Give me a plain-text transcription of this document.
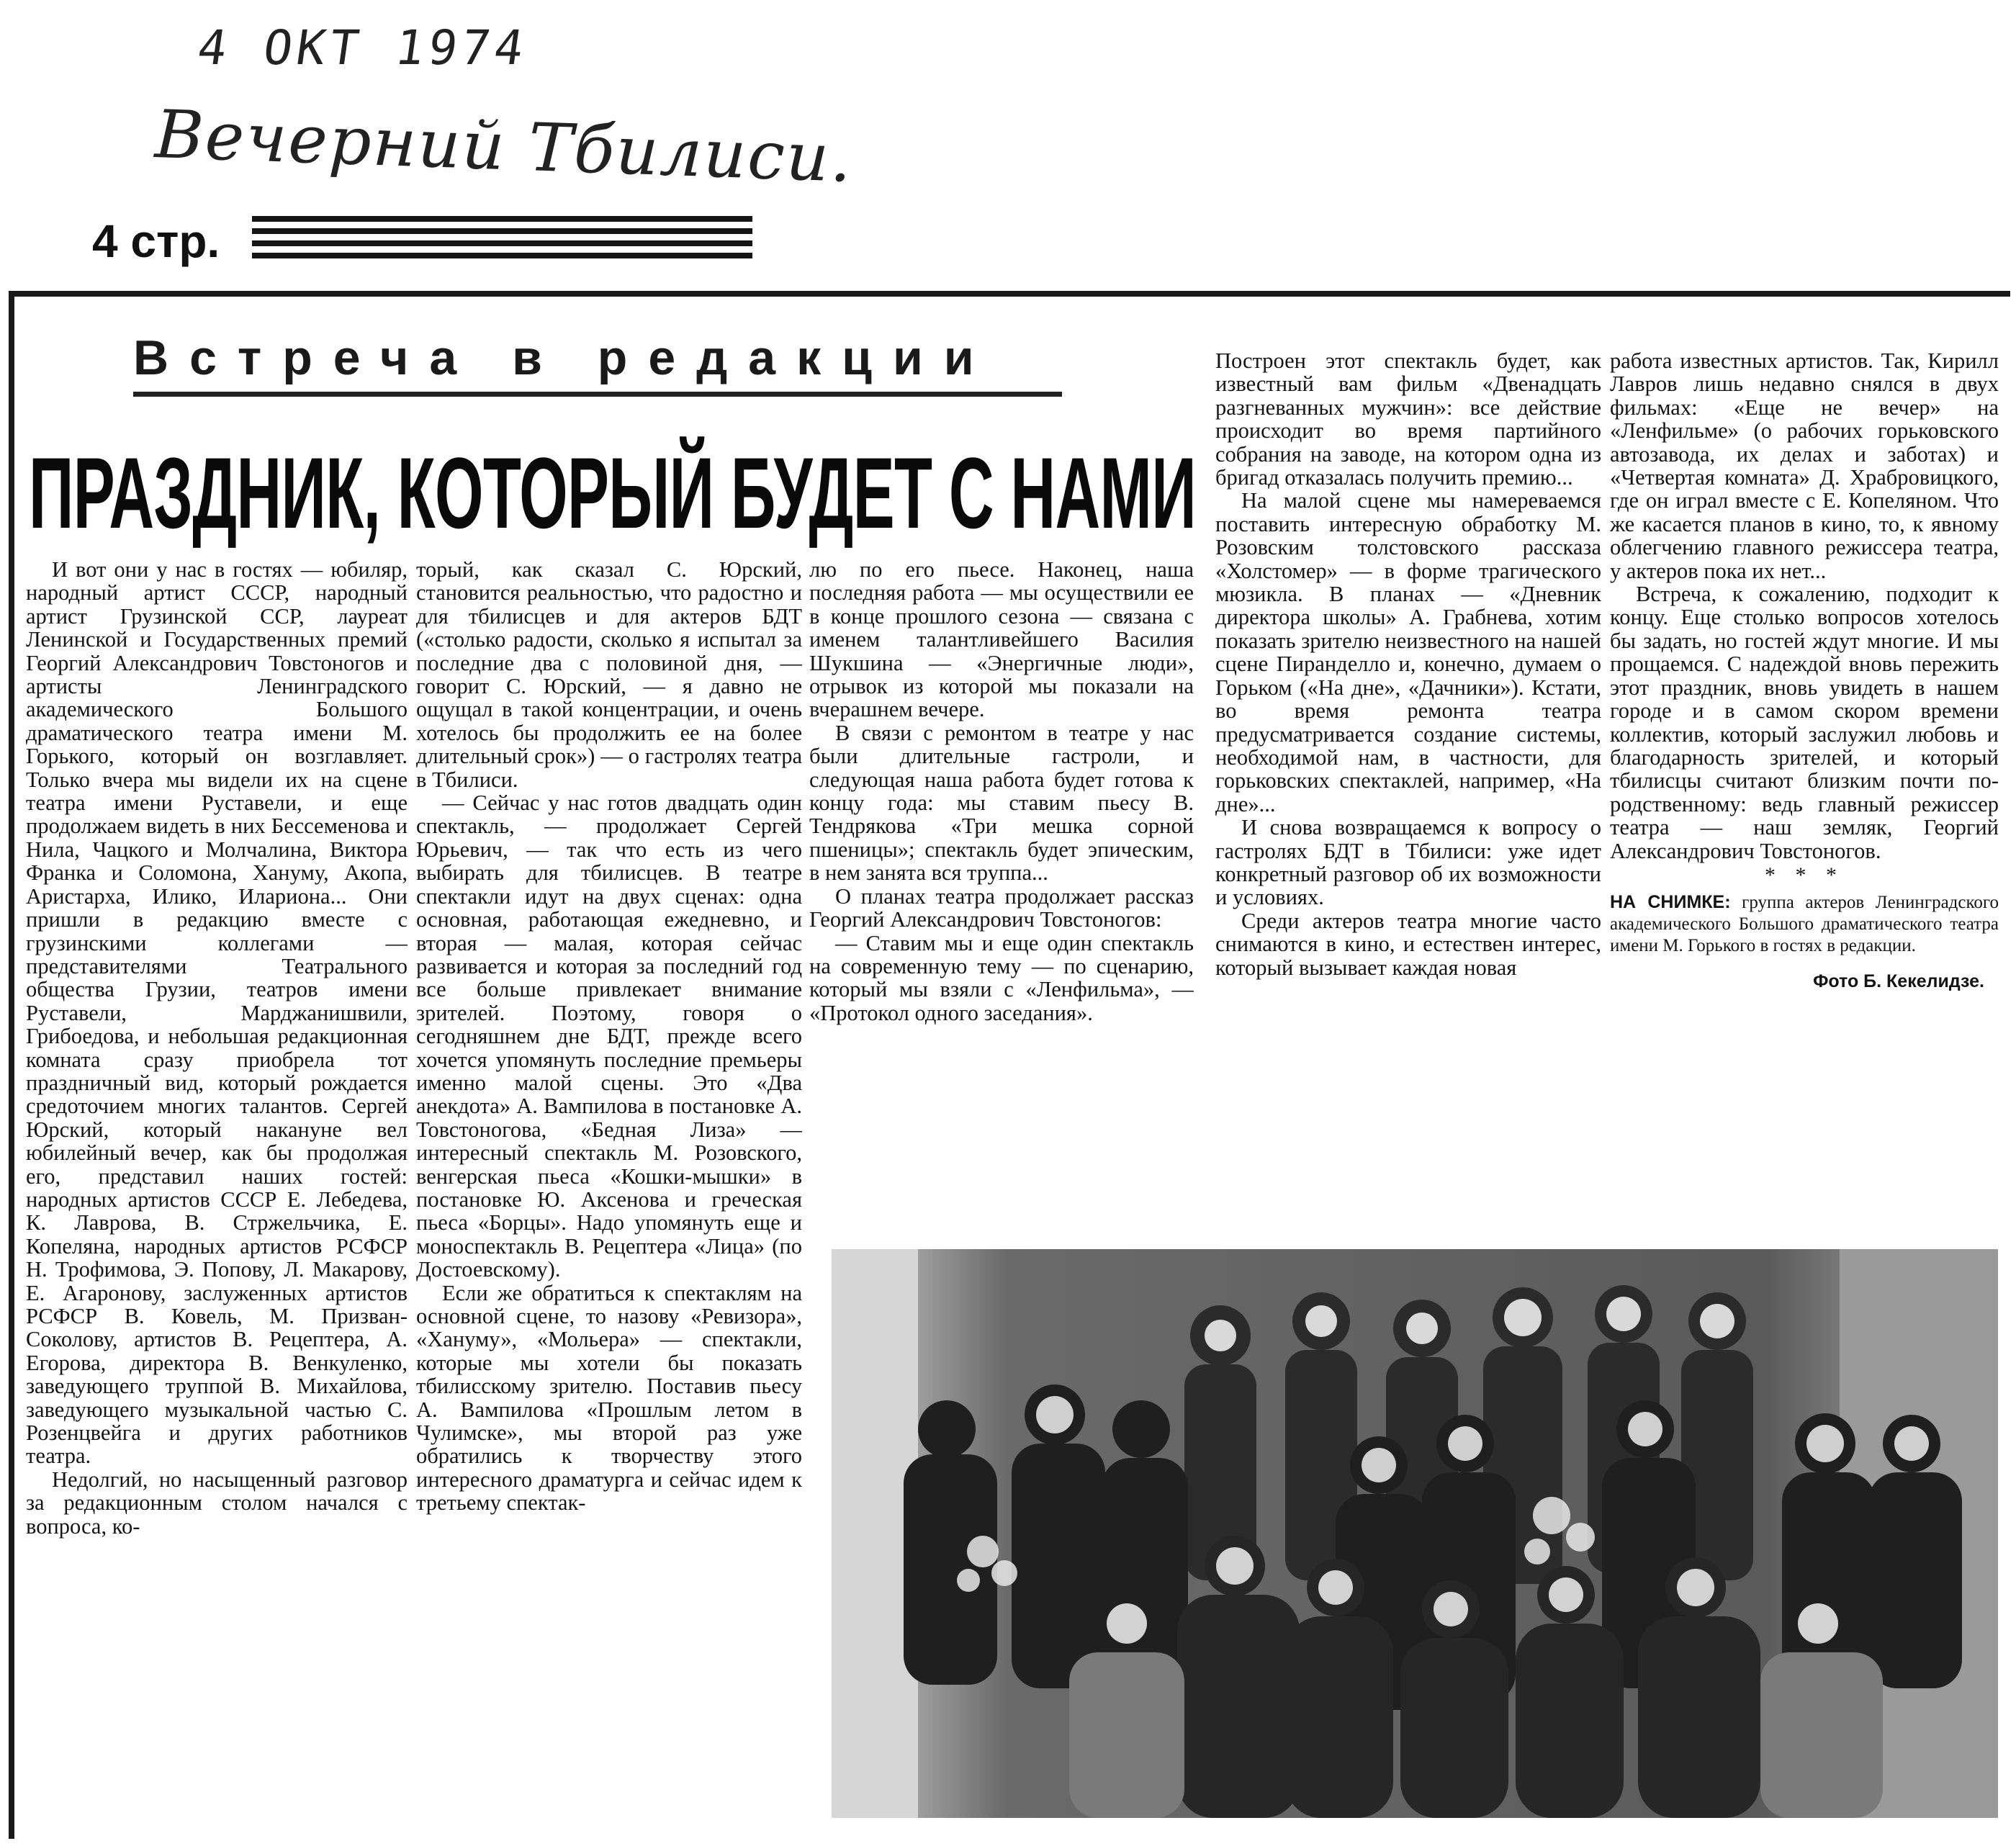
4 ОКТ 1974
Вечерний Тбилиси.
4 стр.
Встреча в редакции
ПРАЗДНИК, КОТОРЫЙ БУДЕТ С НАМИ

И вот они у нас в гостях — юбиляр, народный артист СССР, народный артист Грузинской ССР, лауреат Ленинской и Государственных премий Георгий Александрович Товстоногов и артисты Ленинградского академического Большого драматического театра имени М. Горького, который он возглавляет. Только вчера мы видели их на сцене театра имени Руставели, и еще продолжаем видеть в них Бессеменова и Нила, Чацкого и Молчалина, Виктора Франка и Соломона, Хануму, Акопа, Аристарха, Илико, Илариона... Они пришли в редакцию вместе с грузинскими коллегами — представителями Театрального общества Грузии, театров имени Руставели, Марджанишвили, Грибоедова, и небольшая редакционная комната сразу приобрела тот праздничный вид, который рождается средоточием многих талантов. Сергей Юрский, который накануне вел юбилейный вечер, как бы продолжая его, представил наших гостей: народных артистов СССР Е. Лебедева, К. Лаврова, В. Стржельчика, Е. Копеляна, народных артистов РСФСР Н. Трофимова, Э. Попову, Л. Макарову, Е. Агаронову, заслуженных артистов РСФСР В. Ковель, М. Призван-Соколову, артистов В. Рецептера, А. Егорова, директора В. Венкуленко, заведующего труппой В. Михайлова, заведующего музыкальной частью С. Розенцвейга и других работников театра.

Недолгий, но насыщенный разговор за редакционным столом начался с вопроса, ко-

торый, как сказал С. Юрский, становится реальностью, что радостно и для тбилисцев и для актеров БДТ («столько радости, сколько я испытал за последние два с половиной дня, — говорит С. Юрский, — я давно не ощущал в такой концентрации, и очень хотелось бы продолжить ее на более длительный срок») — о гастролях театра в Тбилиси.

— Сейчас у нас готов двадцать один спектакль, — продолжает Сергей Юрьевич, — так что есть из чего выбирать для тбилисцев. В театре спектакли идут на двух сценах: одна основная, работающая ежедневно, и вторая — малая, которая сейчас развивается и которая за последний год все больше привлекает внимание зрителей. Поэтому, говоря о сегодняшнем дне БДТ, прежде всего хочется упомянуть последние премьеры именно малой сцены. Это «Два анекдота» А. Вампилова в постановке А. Товстоногова, «Бедная Лиза» — интересный спектакль М. Розовского, венгерская пьеса «Кошки-мышки» в постановке Ю. Аксенова и греческая пьеса «Борцы». Надо упомянуть еще и моноспектакль В. Рецептера «Лица» (по Достоевскому).

Если же обратиться к спектаклям на основной сцене, то назову «Ревизора», «Хануму», «Мольера» — спектакли, которые мы хотели бы показать тбилисскому зрителю. Поставив пьесу А. Вампилова «Прошлым летом в Чулимске», мы второй раз уже обратились к творчеству этого интересного драматурга и сейчас идем к третьему спектак-

лю по его пьесе. Наконец, наша последняя работа — мы осуществили ее в конце прошлого сезона — связана с именем талантливейшего Василия Шукшина — «Энергичные люди», отрывок из которой мы показали на вчерашнем вечере.

В связи с ремонтом в театре у нас были длительные гастроли, и следующая наша работа будет готова к концу года: мы ставим пьесу В. Тендрякова «Три мешка сорной пшеницы»; спектакль будет эпическим, в нем занята вся труппа...

О планах театра продолжает рассказ Георгий Александрович Товстоногов:

— Ставим мы и еще один спектакль на современную тему — по сценарию, который мы взяли с «Ленфильма», — «Протокол одного заседания».

Построен этот спектакль будет, как известный вам фильм «Двенадцать разгневанных мужчин»: все действие происходит во время партийного собрания на заводе, на котором одна из бригад отказалась получить премию...

На малой сцене мы намереваемся поставить интересную обработку М. Розовским толстовского рассказа «Холстомер» — в форме трагического мюзикла. В планах — «Дневник директора школы» А. Грабнева, хотим показать зрителю неизвестного на нашей сцене Пиранделло и, конечно, думаем о Горьком («На дне», «Дачники»). Кстати, во время ремонта театра предусматривается создание системы, необходимой нам, в частности, для горьковских спектаклей, например, «На дне»...

И снова возвращаемся к вопросу о гастролях БДТ в Тбилиси: уже идет конкретный разговор об их возможности и условиях.

Среди актеров театра многие часто снимаются в кино, и естествен интерес, который вызывает каждая новая

работа известных артистов. Так, Кирилл Лавров лишь недавно снялся в двух фильмах: «Еще не вечер» на «Ленфильме» (о рабочих горьковского автозавода, их делах и заботах) и «Четвертая комната» Д. Храбровицкого, где он играл вместе с Е. Копеляном. Что же касается планов в кино, то, к явному облегчению главного режиссера театра, у актеров пока их нет...

Встреча, к сожалению, подходит к концу. Еще столько вопросов хотелось бы задать, но гостей ждут многие. И мы прощаемся. С надеждой вновь пережить этот праздник, вновь увидеть в нашем городе и в самом скором времени коллектив, который заслужил любовь и благодарность зрителей, и который тбилисцы считают близким почти по-родственному: ведь главный режиссер театра — наш земляк, Георгий Александрович Товстоногов.

* * *
НА СНИМКЕ: группа актеров Ленинградского академического Большого драматического театра имени М. Горького в гостях в редакции.
Фото Б. Кекелидзе.
